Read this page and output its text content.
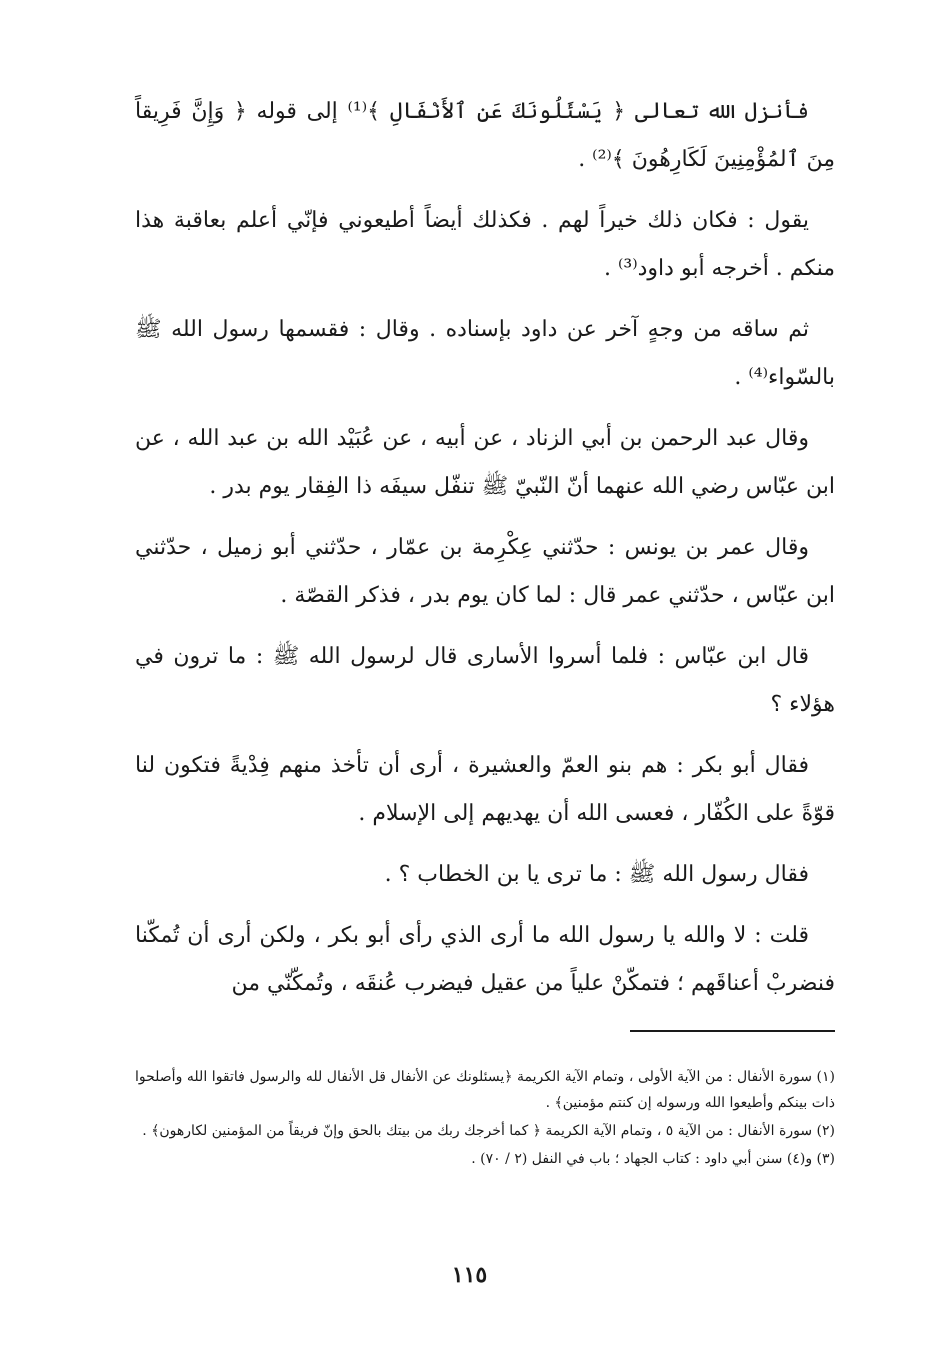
فأنزل الله تعالى ﴿ يَسْئَلُونَكَ عَنِ ٱلأَنْفَالِ ﴾⁽¹⁾ إلى قوله ﴿ وَإِنَّ فَرِيقاً مِنَ ٱلمُؤْمِنِينَ لَكَارِهُونَ ﴾⁽²⁾ .

يقول : فكان ذلك خيراً لهم . فكذلك أيضاً أطيعوني فإنّي أعلم بعاقبة هذا منكم . أخرجه أبو داود⁽³⁾ .

ثم ساقه من وجهٍ آخر عن داود بإسناده . وقال : فقسمها رسول الله ﷺ بالسّواء⁽⁴⁾ .

وقال عبد الرحمن بن أبي الزناد ، عن أبيه ، عن عُبَيْد الله بن عبد الله ، عن ابن عبّاس رضي الله عنهما أنّ النّبيّ ﷺ تنفّل سيفَه ذا الفِقار يوم بدر .

وقال عمر بن يونس : حدّثني عِكْرِمة بن عمّار ، حدّثني أبو زميل ، حدّثني ابن عبّاس ، حدّثني عمر قال : لما كان يوم بدر ، فذكر القصّة .

قال ابن عبّاس : فلما أسروا الأسارى قال لرسول الله ﷺ : ما ترون في هؤلاء ؟

فقال أبو بكر : هم بنو العمّ والعشيرة ، أرى أن تأخذ منهم فِدْيةً فتكون لنا قوّةً على الكُفّار ، فعسى الله أن يهديهم إلى الإسلام .

فقال رسول الله ﷺ : ما ترى يا بن الخطاب ؟ .

قلت : لا والله يا رسول الله ما أرى الذي رأى أبو بكر ، ولكن أرى أن تُمكّنا فنضربْ أعناقَهم ؛ فتمكّنْ علياً من عقيل فيضرب عُنقَه ، وتُمكّنّي من

(١) سورة الأنفال : من الآية الأولى ، وتمام الآية الكريمة ﴿يسئلونك عن الأنفال قل الأنفال لله والرسول فاتقوا الله وأصلحوا ذات بينكم وأطيعوا الله ورسوله إن كنتم مؤمنين﴾ .

(٢) سورة الأنفال : من الآية ٥ ، وتمام الآية الكريمة ﴿ كما أخرجك ربك من بيتك بالحق وإنّ فريقاً من المؤمنين لكارهون﴾ .

(٣) و(٤) سنن أبي داود : كتاب الجهاد ؛ باب في النفل (٢ / ٧٠) .

١١٥
